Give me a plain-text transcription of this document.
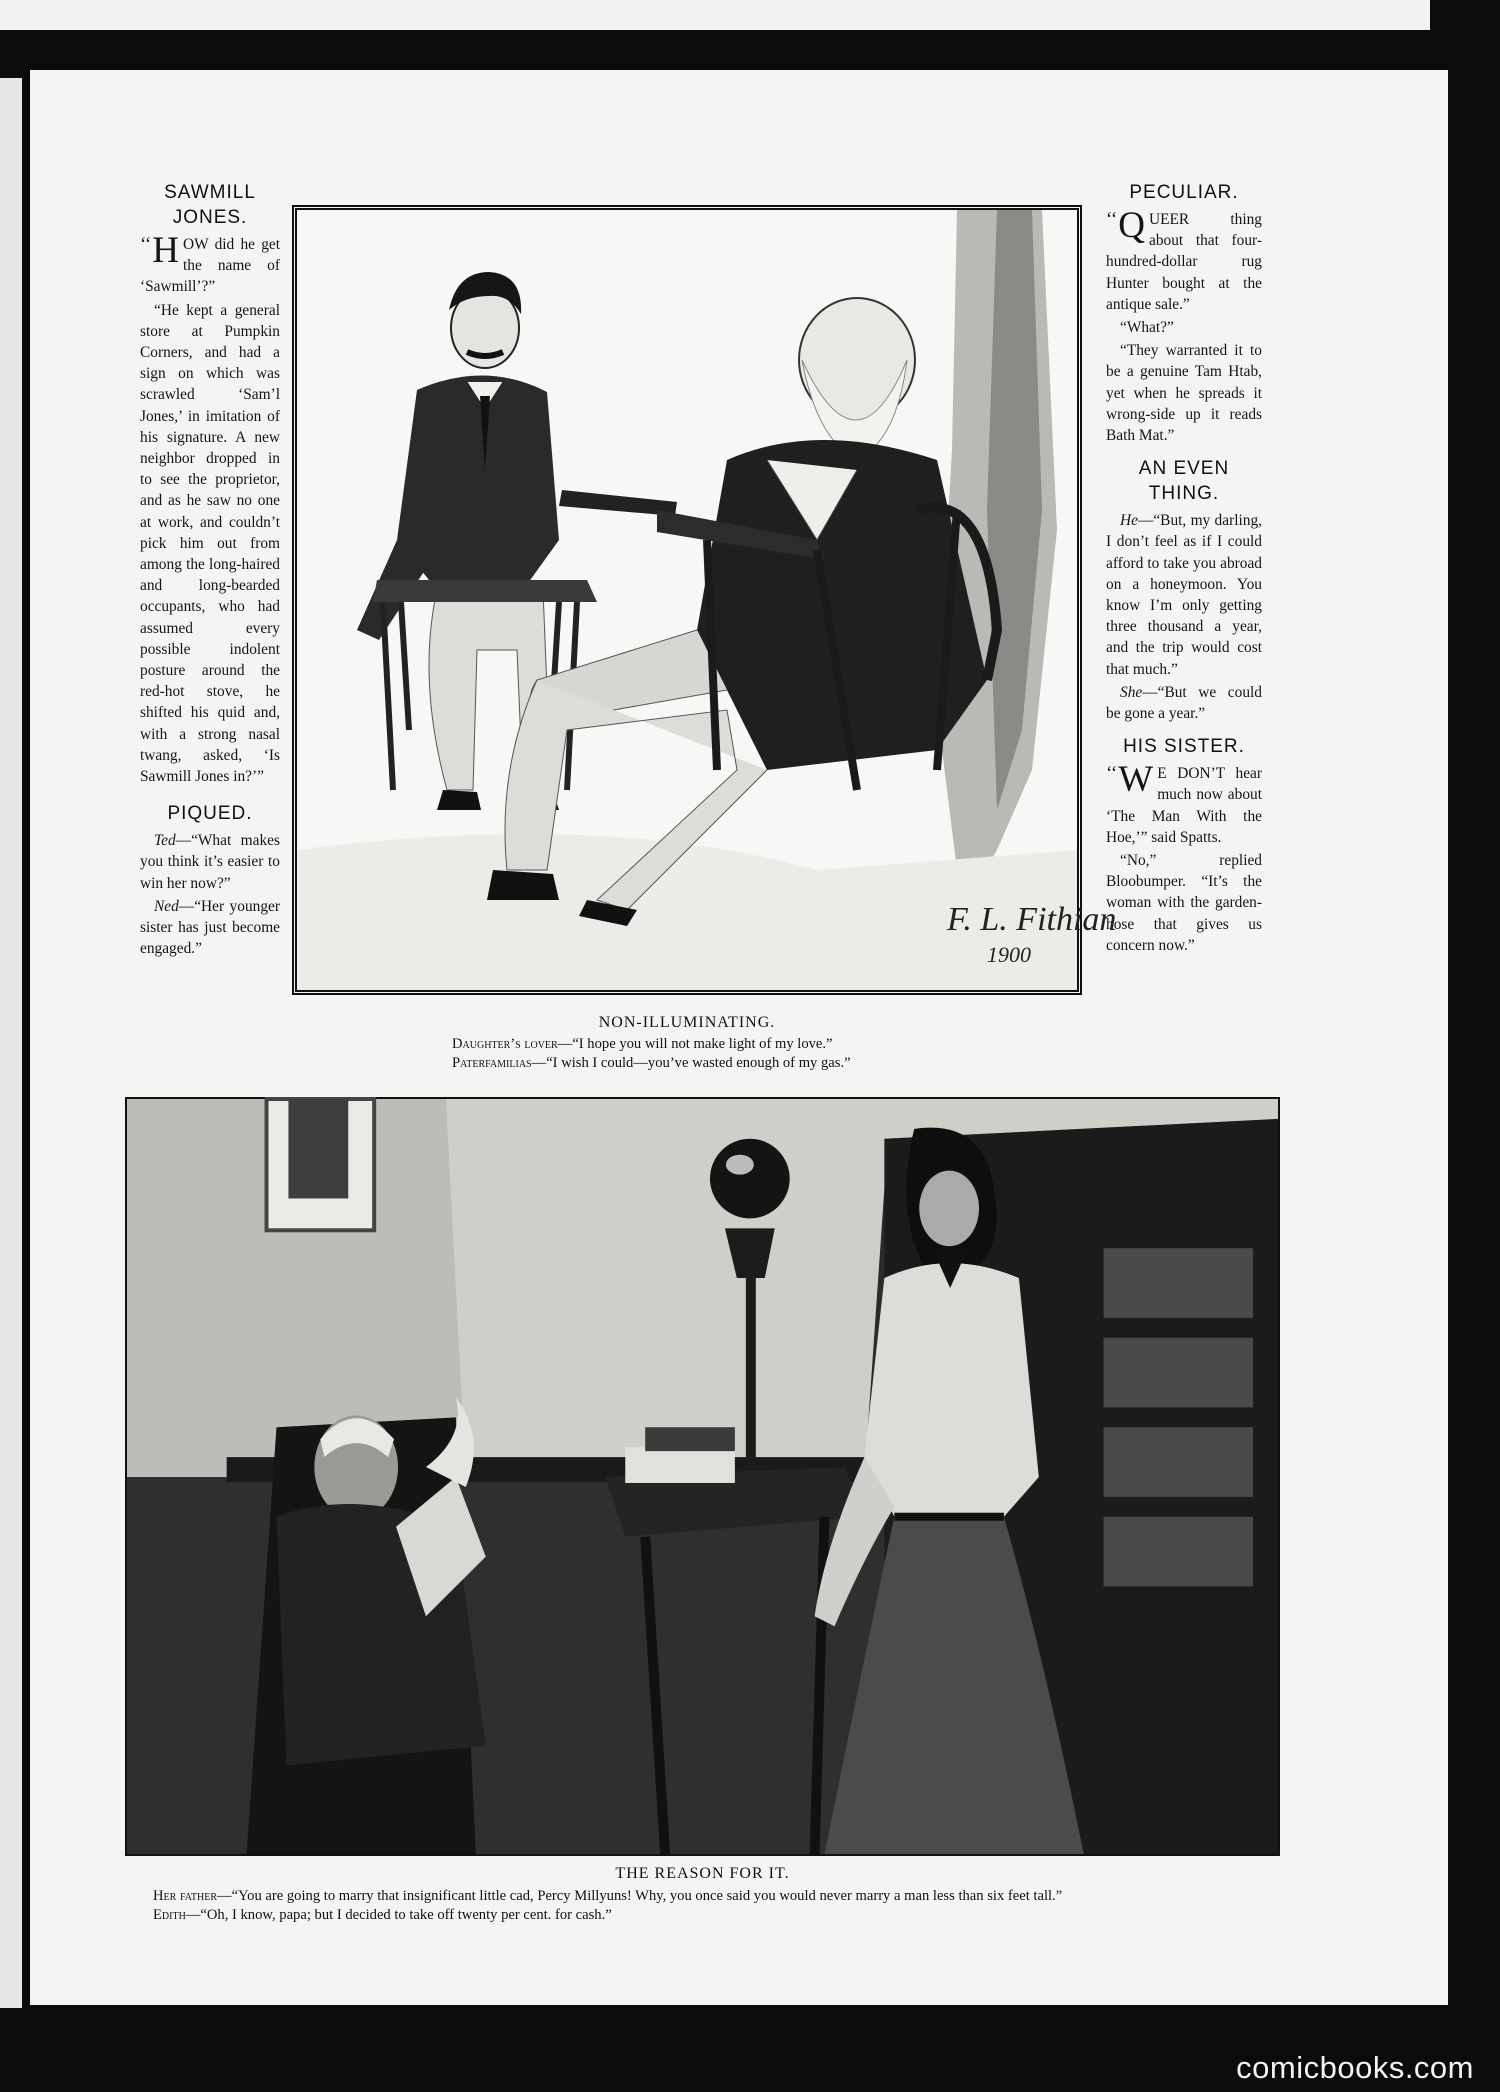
SAWMILL
JONES.

‘‘ H OW did he get the name of ‘Sawmill’?”

“He kept a general store at Pumpkin Corners, and had a sign on which was scrawled ‘Sam’l Jones,’ in imitation of his signature. A new neighbor dropped in to see the proprietor, and as he saw no one at work, and couldn’t pick him out from among the long-haired and long-bearded occupants, who had assumed every possible indolent posture around the red-hot stove, he shifted his quid and, with a strong nasal twang, asked, ‘Is Sawmill Jones in?’”

PIQUED.

Ted—“What makes you think it’s easier to win her now?”

Ned—“Her younger sister has just become engaged.”

PECULIAR.

‘‘ Q UEER thing about that four-hundred-dollar rug Hunter bought at the antique sale.”

“What?”

“They warranted it to be a genuine Tam Htab, yet when he spreads it wrong-side up it reads Bath Mat.”

AN EVEN
THING.

He—“But, my darling, I don’t feel as if I could afford to take you abroad on a honeymoon. You know I’m only getting three thousand a year, and the trip would cost that much.”

She—“But we could be gone a year.”

HIS SISTER.

‘‘ W E DON’T hear much now about ‘The Man With the Hoe,’” said Spatts.

“No,” replied Bloobumper. “It’s the woman with the garden-hose that gives us concern now.”

F. L. Fithian
1900
NON-ILLUMINATING.
Daughter’s lover—“I hope you will not make light of my love.”
Paterfamilias—“I wish I could—you’ve wasted enough of my gas.”
THE REASON FOR IT.
Her father—“You are going to marry that insignificant little cad, Percy Millyuns! Why, you once said you would never marry a man less than six feet tall.”
Edith—“Oh, I know, papa; but I decided to take off twenty per cent. for cash.”
comicbooks.com
